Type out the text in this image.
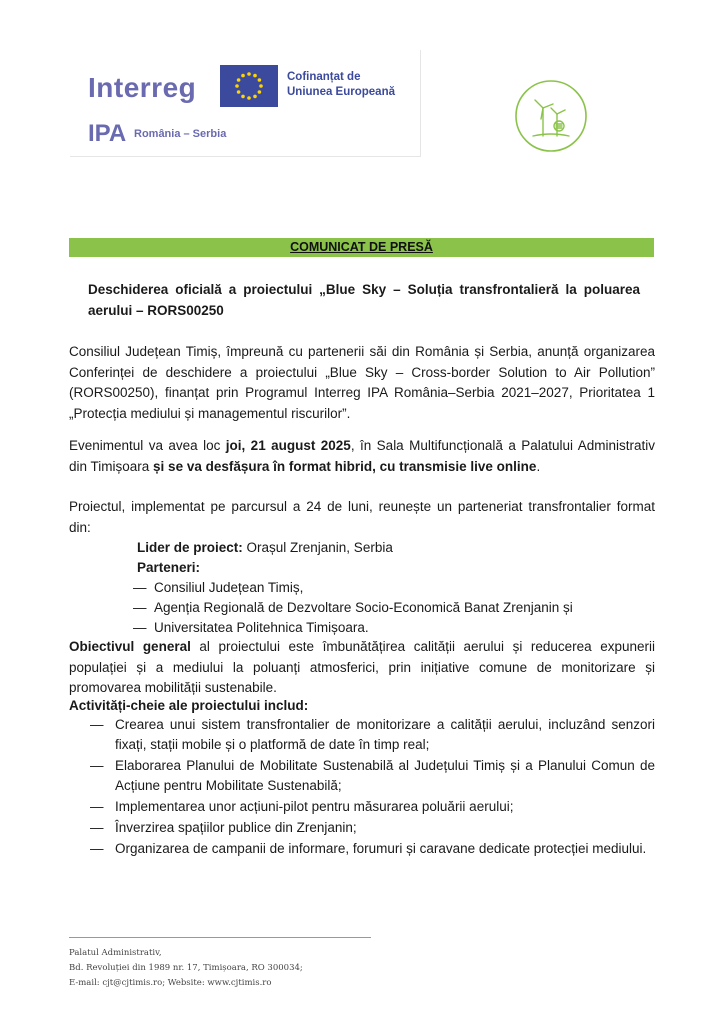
Interreg	Cofinanțat de
Uniunea Europeană
IPA România – Serbia
COMUNICAT DE PRESĂ
Deschiderea oficială a proiectului „Blue Sky – Soluția transfrontalieră la poluarea aerului – RORS00250

Consiliul Județean Timiș, împreună cu partenerii săi din România și Serbia, anunță organizarea Conferinței de deschidere a proiectului „Blue Sky – Cross-border Solution to Air Pollution” (RORS00250), finanțat prin Programul Interreg IPA România–Serbia 2021–2027, Prioritatea 1 „Protecția mediului și managementul riscurilor”.

Evenimentul va avea loc joi, 21 august 2025, în Sala Multifuncțională a Palatului Administrativ din Timișoara și se va desfășura în format hibrid, cu transmisie live online.

Proiectul, implementat pe parcursul a 24 de luni, reunește un parteneriat transfrontalier format din:

Lider de proiect: Orașul Zrenjanin, Serbia
Parteneri:
— Consiliul Județean Timiș,
— Agenția Regională de Dezvoltare Socio-Economică Banat Zrenjanin și
— Universitatea Politehnica Timișoara.

Obiectivul general al proiectului este îmbunătățirea calității aerului și reducerea expunerii populației și a mediului la poluanți atmosferici, prin inițiative comune de monitorizare și promovarea mobilității sustenabile.

Activități-cheie ale proiectului includ:
— Crearea unui sistem transfrontalier de monitorizare a calității aerului, incluzând senzori fixați, stații mobile și o platformă de date în timp real;
— Elaborarea Planului de Mobilitate Sustenabilă al Județului Timiș și a Planului Comun de Acțiune pentru Mobilitate Sustenabilă;
— Implementarea unor acțiuni-pilot pentru măsurarea poluării aerului;
— Înverzirea spațiilor publice din Zrenjanin;
— Organizarea de campanii de informare, forumuri și caravane dedicate protecției mediului.
Palatul Administrativ,
Bd. Revoluției din 1989 nr. 17, Timișoara, RO 300034;
E-mail: cjt@cjtimis.ro; Website: www.cjtimis.ro
